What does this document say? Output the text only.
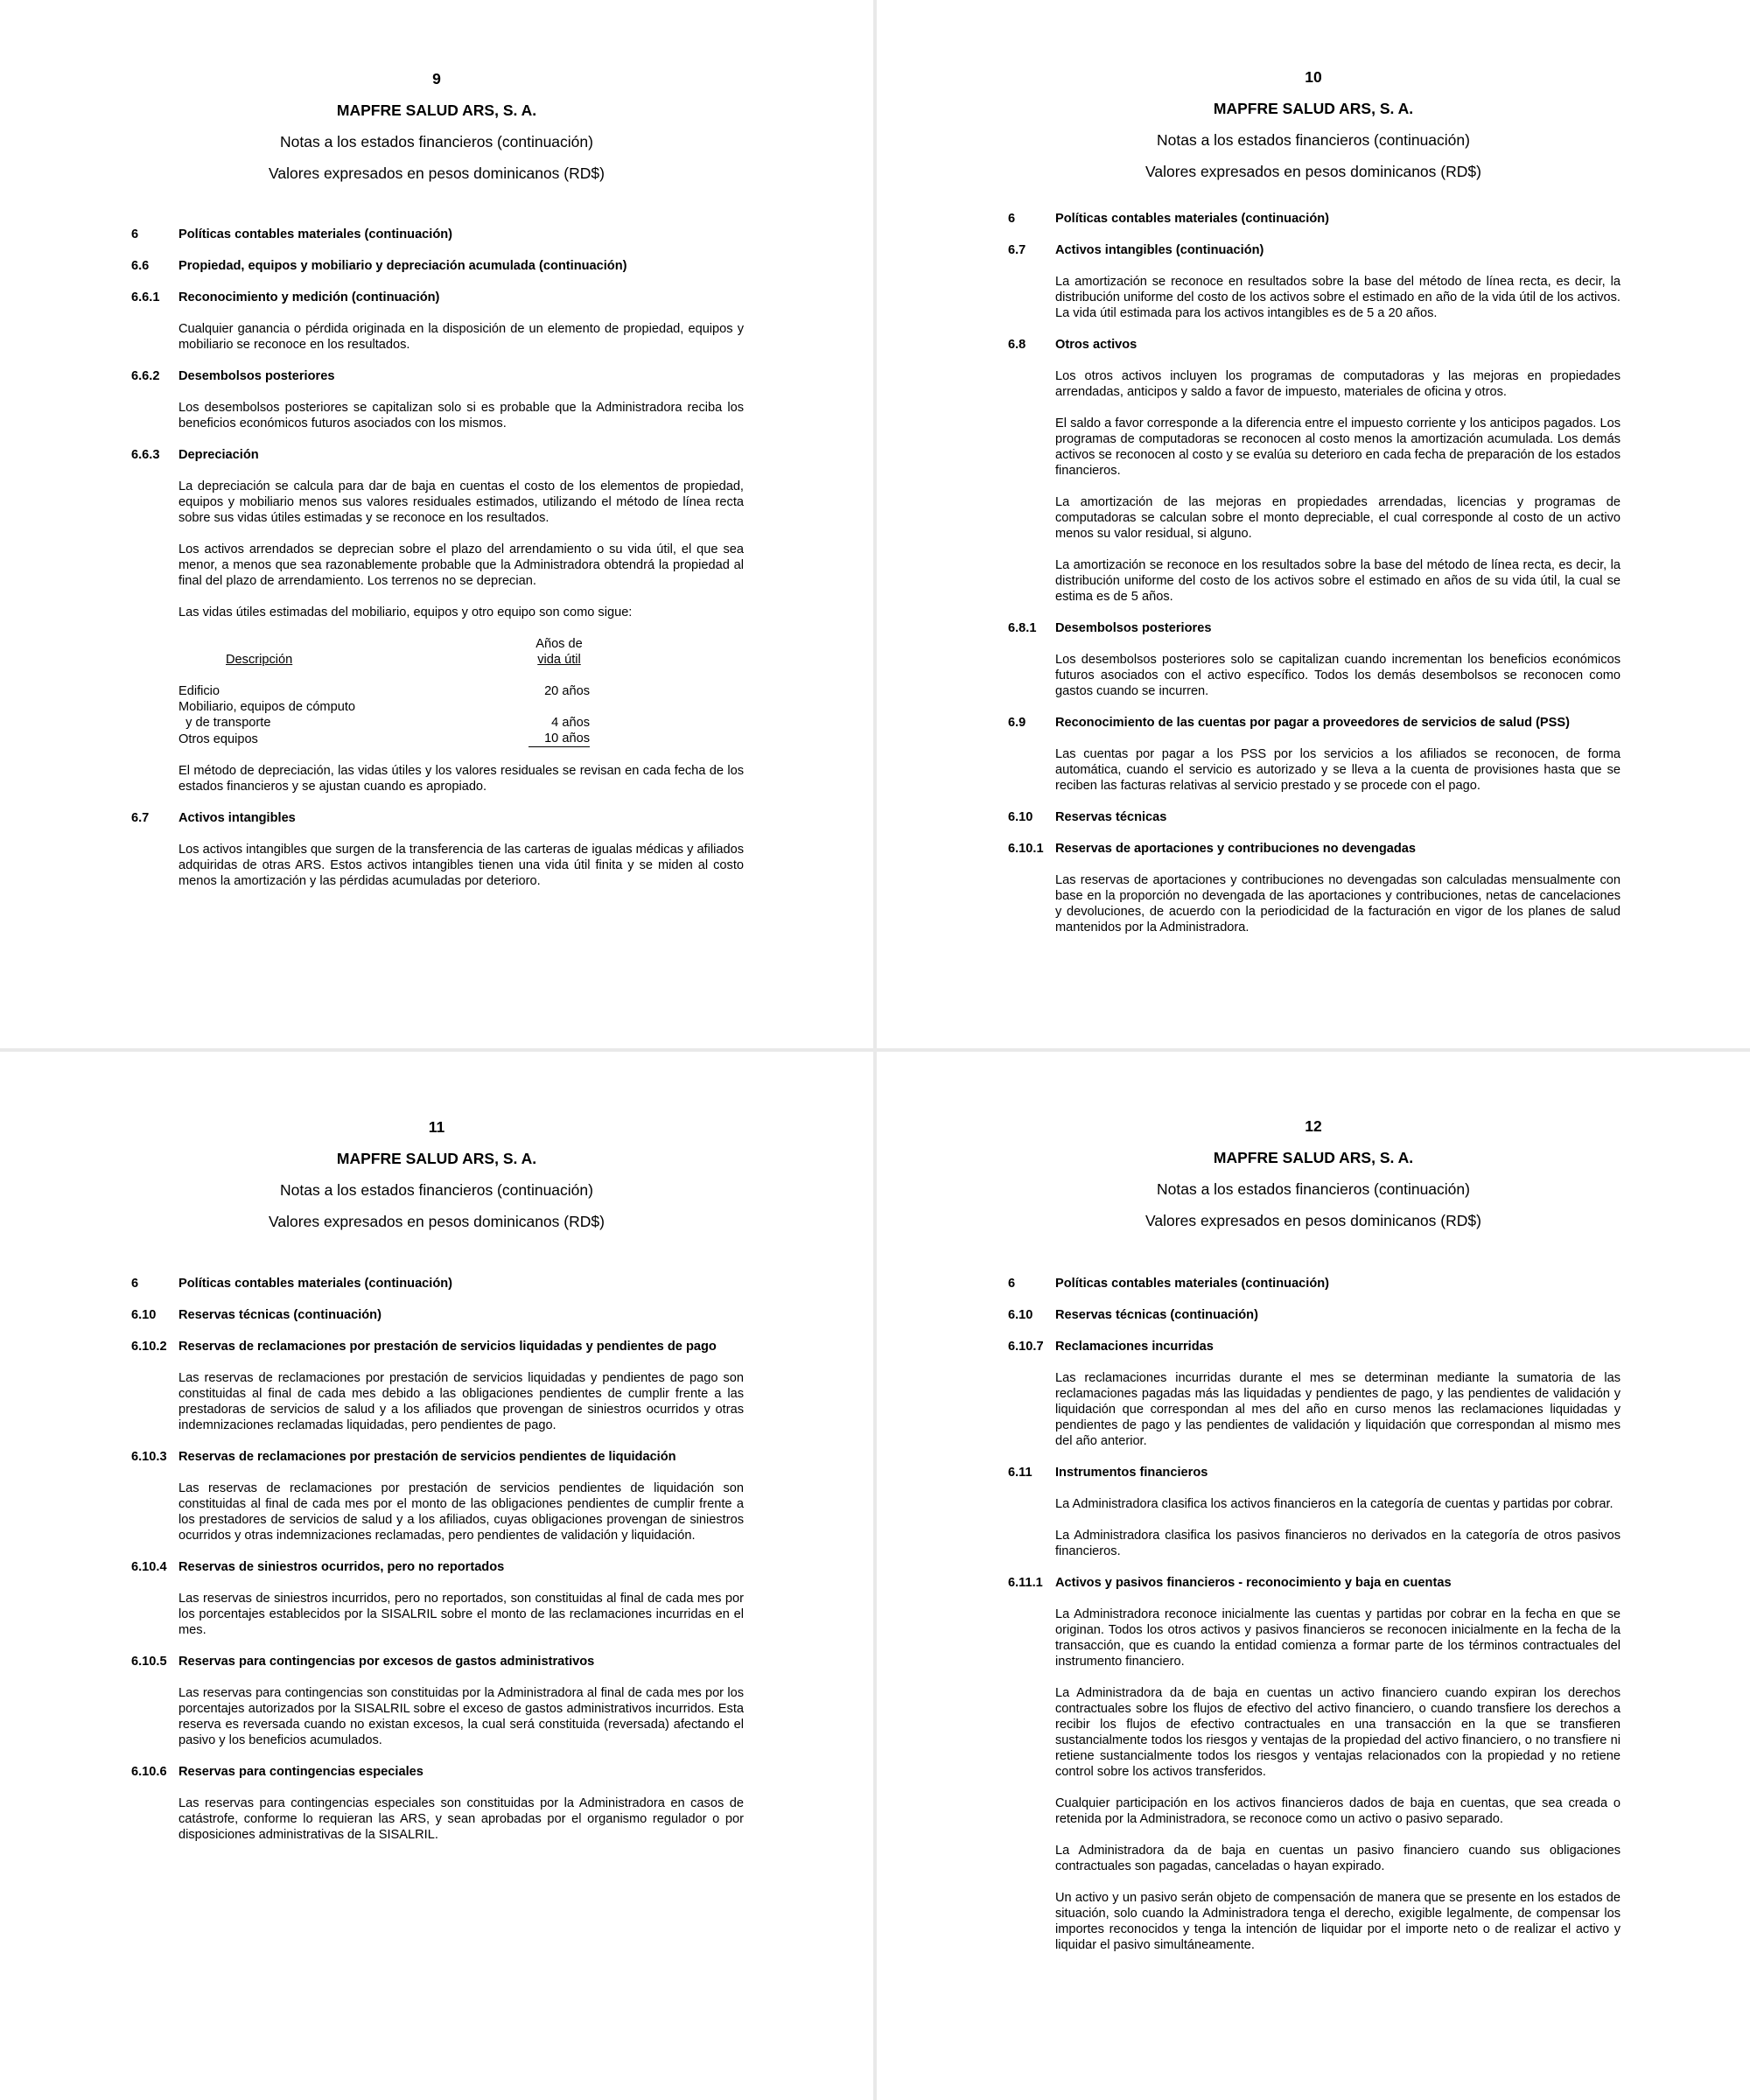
9
MAPFRE SALUD ARS, S. A.
Notas a los estados financieros (continuación)
Valores expresados en pesos dominicanos (RD$)
6	Políticas contables materiales (continuación)
6.6 Propiedad, equipos y mobiliario y depreciación acumulada (continuación)
6.6.1 Reconocimiento y medición (continuación)
Cualquier ganancia o pérdida originada en la disposición de un elemento de propiedad, equipos y mobiliario se reconoce en los resultados.
6.6.2 Desembolsos posteriores
Los desembolsos posteriores se capitalizan solo si es probable que la Administradora reciba los beneficios económicos futuros asociados con los mismos.
6.6.3 Depreciación
La depreciación se calcula para dar de baja en cuentas el costo de los elementos de propiedad, equipos y mobiliario menos sus valores residuales estimados, utilizando el método de línea recta sobre sus vidas útiles estimadas y se reconoce en los resultados.
Los activos arrendados se deprecian sobre el plazo del arrendamiento o su vida útil, el que sea menor, a menos que sea razonablemente probable que la Administradora obtendrá la propiedad al final del plazo de arrendamiento. Los terrenos no se deprecian.
Las vidas útiles estimadas del mobiliario, equipos y otro equipo son como sigue:
	Años de
Descripción	vida útil

Edificio	20 años
Mobiliario, equipos de cómputo	
y de transporte	4 años
Otros equipos	10 años
El método de depreciación, las vidas útiles y los valores residuales se revisan en cada fecha de los estados financieros y se ajustan cuando es apropiado.
6.7 Activos intangibles
Los activos intangibles que surgen de la transferencia de las carteras de igualas médicas y afiliados adquiridas de otras ARS. Estos activos intangibles tienen una vida útil finita y se miden al costo menos la amortización y las pérdidas acumuladas por deterioro.
10
MAPFRE SALUD ARS, S. A.
Notas a los estados financieros (continuación)
Valores expresados en pesos dominicanos (RD$)
6	Políticas contables materiales (continuación)
6.7 Activos intangibles (continuación)
La amortización se reconoce en resultados sobre la base del método de línea recta, es decir, la distribución uniforme del costo de los activos sobre el estimado en año de la vida útil de los activos. La vida útil estimada para los activos intangibles es de 5 a 20 años.
6.8 Otros activos
Los otros activos incluyen los programas de computadoras y las mejoras en propiedades arrendadas, anticipos y saldo a favor de impuesto, materiales de oficina y otros.
El saldo a favor corresponde a la diferencia entre el impuesto corriente y los anticipos pagados. Los programas de computadoras se reconocen al costo menos la amortización acumulada. Los demás activos se reconocen al costo y se evalúa su deterioro en cada fecha de preparación de los estados financieros.
La amortización de las mejoras en propiedades arrendadas, licencias y programas de computadoras se calculan sobre el monto depreciable, el cual corresponde al costo de un activo menos su valor residual, si alguno.
La amortización se reconoce en los resultados sobre la base del método de línea recta, es decir, la distribución uniforme del costo de los activos sobre el estimado en años de su vida útil, la cual se estima es de 5 años.
6.8.1 Desembolsos posteriores
Los desembolsos posteriores solo se capitalizan cuando incrementan los beneficios económicos futuros asociados con el activo específico. Todos los demás desembolsos se reconocen como gastos cuando se incurren.
6.9 Reconocimiento de las cuentas por pagar a proveedores de servicios de salud (PSS)
Las cuentas por pagar a los PSS por los servicios a los afiliados se reconocen, de forma automática, cuando el servicio es autorizado y se lleva a la cuenta de provisiones hasta que se reciben las facturas relativas al servicio prestado y se procede con el pago.
6.10 Reservas técnicas
6.10.1 Reservas de aportaciones y contribuciones no devengadas
Las reservas de aportaciones y contribuciones no devengadas son calculadas mensualmente con base en la proporción no devengada de las aportaciones y contribuciones, netas de cancelaciones y devoluciones, de acuerdo con la periodicidad de la facturación en vigor de los planes de salud mantenidos por la Administradora.
11
MAPFRE SALUD ARS, S. A.
Notas a los estados financieros (continuación)
Valores expresados en pesos dominicanos (RD$)
6	Políticas contables materiales (continuación)
6.10 Reservas técnicas (continuación)
6.10.2 Reservas de reclamaciones por prestación de servicios liquidadas y pendientes de pago
Las reservas de reclamaciones por prestación de servicios liquidadas y pendientes de pago son constituidas al final de cada mes debido a las obligaciones pendientes de cumplir frente a las prestadoras de servicios de salud y a los afiliados que provengan de siniestros ocurridos y otras indemnizaciones reclamadas liquidadas, pero pendientes de pago.
6.10.3 Reservas de reclamaciones por prestación de servicios pendientes de liquidación
Las reservas de reclamaciones por prestación de servicios pendientes de liquidación son constituidas al final de cada mes por el monto de las obligaciones pendientes de cumplir frente a los prestadores de servicios de salud y a los afiliados, cuyas obligaciones provengan de siniestros ocurridos y otras indemnizaciones reclamadas, pero pendientes de validación y liquidación.
6.10.4 Reservas de siniestros ocurridos, pero no reportados
Las reservas de siniestros incurridos, pero no reportados, son constituidas al final de cada mes por los porcentajes establecidos por la SISALRIL sobre el monto de las reclamaciones incurridas en el mes.
6.10.5 Reservas para contingencias por excesos de gastos administrativos
Las reservas para contingencias son constituidas por la Administradora al final de cada mes por los porcentajes autorizados por la SISALRIL sobre el exceso de gastos administrativos incurridos. Esta reserva es reversada cuando no existan excesos, la cual será constituida (reversada) afectando el pasivo y los beneficios acumulados.
6.10.6 Reservas para contingencias especiales
Las reservas para contingencias especiales son constituidas por la Administradora en casos de catástrofe, conforme lo requieran las ARS, y sean aprobadas por el organismo regulador o por disposiciones administrativas de la SISALRIL.
12
MAPFRE SALUD ARS, S. A.
Notas a los estados financieros (continuación)
Valores expresados en pesos dominicanos (RD$)
6	Políticas contables materiales (continuación)
6.10 Reservas técnicas (continuación)
6.10.7 Reclamaciones incurridas
Las reclamaciones incurridas durante el mes se determinan mediante la sumatoria de las reclamaciones pagadas más las liquidadas y pendientes de pago, y las pendientes de validación y liquidación que correspondan al mes del año en curso menos las reclamaciones liquidadas y pendientes de pago y las pendientes de validación y liquidación que correspondan al mismo mes del año anterior.
6.11 Instrumentos financieros
La Administradora clasifica los activos financieros en la categoría de cuentas y partidas por cobrar.
La Administradora clasifica los pasivos financieros no derivados en la categoría de otros pasivos financieros.
6.11.1 Activos y pasivos financieros - reconocimiento y baja en cuentas
La Administradora reconoce inicialmente las cuentas y partidas por cobrar en la fecha en que se originan. Todos los otros activos y pasivos financieros se reconocen inicialmente en la fecha de la transacción, que es cuando la entidad comienza a formar parte de los términos contractuales del instrumento financiero.
La Administradora da de baja en cuentas un activo financiero cuando expiran los derechos contractuales sobre los flujos de efectivo del activo financiero, o cuando transfiere los derechos a recibir los flujos de efectivo contractuales en una transacción en la que se transfieren sustancialmente todos los riesgos y ventajas de la propiedad del activo financiero, o no transfiere ni retiene sustancialmente todos los riesgos y ventajas relacionados con la propiedad y no retiene control sobre los activos transferidos.
Cualquier participación en los activos financieros dados de baja en cuentas, que sea creada o retenida por la Administradora, se reconoce como un activo o pasivo separado.
La Administradora da de baja en cuentas un pasivo financiero cuando sus obligaciones contractuales son pagadas, canceladas o hayan expirado.
Un activo y un pasivo serán objeto de compensación de manera que se presente en los estados de situación, solo cuando la Administradora tenga el derecho, exigible legalmente, de compensar los importes reconocidos y tenga la intención de liquidar por el importe neto o de realizar el activo y liquidar el pasivo simultáneamente.
